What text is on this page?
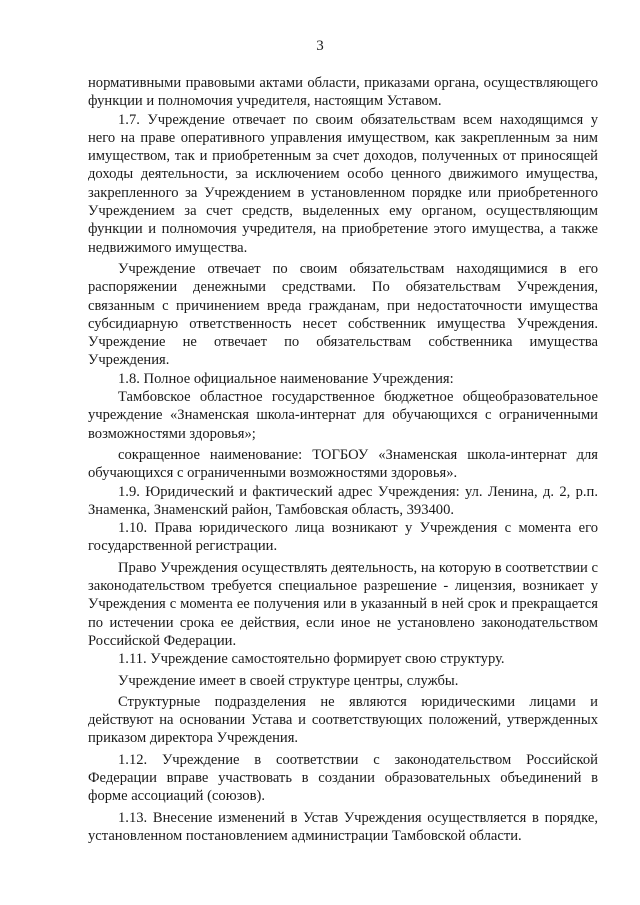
3

нормативными правовыми актами области, приказами органа, осуществляющего функции и полномочия учредителя, настоящим Уставом.

1.7. Учреждение отвечает по своим обязательствам всем находящимся у него на праве оперативного управления имуществом, как закрепленным за ним имуществом, так и приобретенным за счет доходов, полученных от приносящей доходы деятельности, за исключением особо ценного движимого имущества, закрепленного за Учреждением в установленном порядке или приобретенного Учреждением за счет средств, выделенных ему органом, осуществляющим функции и полномочия учредителя, на приобретение этого имущества, а также недвижимого имущества.

Учреждение отвечает по своим обязательствам находящимися в его распоряжении денежными средствами. По обязательствам Учреждения, связанным с причинением вреда гражданам, при недостаточности имущества субсидиарную ответственность несет собственник имущества Учреждения. Учреждение не отвечает по обязательствам собственника имущества Учреждения.

1.8. Полное официальное наименование Учреждения:

Тамбовское областное государственное бюджетное общеобразовательное учреждение «Знаменская школа-интернат для обучающихся с ограниченными возможностями здоровья»;

сокращенное наименование: ТОГБОУ «Знаменская школа-интернат для обучающихся с ограниченными возможностями здоровья».

1.9. Юридический и фактический адрес Учреждения: ул. Ленина, д. 2, р.п. Знаменка, Знаменский район, Тамбовская область, 393400.

1.10. Права юридического лица возникают у Учреждения с момента его государственной регистрации.

Право Учреждения осуществлять деятельность, на которую в соответствии с законодательством требуется специальное разрешение - лицензия, возникает у Учреждения с момента ее получения или в указанный в ней срок и прекращается по истечении срока ее действия, если иное не установлено законодательством Российской Федерации.

1.11. Учреждение самостоятельно формирует свою структуру.

Учреждение имеет в своей структуре центры, службы.

Структурные подразделения не являются юридическими лицами и действуют на основании Устава и соответствующих положений, утвержденных приказом директора Учреждения.

1.12. Учреждение в соответствии с законодательством Российской Федерации вправе участвовать в создании образовательных объединений в форме ассоциаций (союзов).

1.13. Внесение изменений в Устав Учреждения осуществляется в порядке, установленном постановлением администрации Тамбовской области.
